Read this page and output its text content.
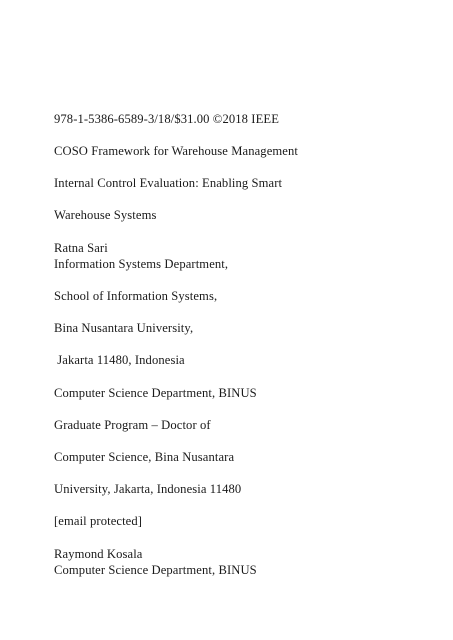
978-1-5386-6589-3/18/$31.00 ©2018 IEEE
COSO Framework for Warehouse Management
Internal Control Evaluation: Enabling Smart
Warehouse Systems
Ratna Sari
Information Systems Department,
School of Information Systems,
Bina Nusantara University,
Jakarta 11480, Indonesia
Computer Science Department, BINUS
Graduate Program – Doctor of
Computer Science, Bina Nusantara
University, Jakarta, Indonesia 11480
[email protected]
Raymond Kosala
Computer Science Department, BINUS
